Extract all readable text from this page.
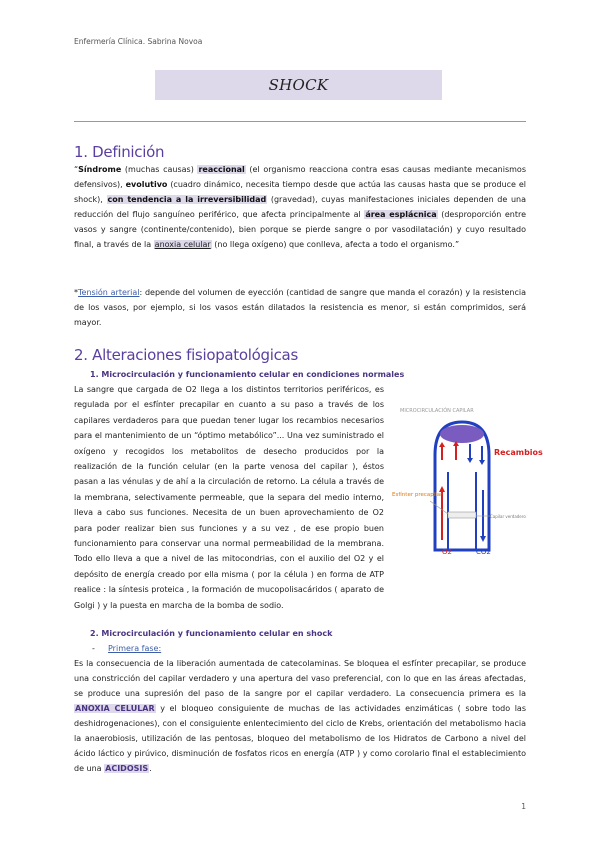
Enfermería Clínica. Sabrina Novoa
SHOCK
1. Definición
“Síndrome (muchas causas) reaccional (el organismo reacciona contra esas causas mediante mecanismos defensivos), evolutivo (cuadro dinámico, necesita tiempo desde que actúa las causas hasta que se produce el shock), con tendencia a la irreversibilidad (gravedad), cuyas manifestaciones iniciales dependen de una reducción del flujo sanguíneo periférico, que afecta principalmente al área esplácnica (desproporción entre vasos y sangre (continente/contenido), bien porque se pierde sangre o por vasodilatación) y cuyo resultado final, a través de la anoxia celular (no llega oxígeno) que conlleva, afecta a todo el organismo.”
*Tensión arterial: depende del volumen de eyección (cantidad de sangre que manda el corazón) y la resistencia de los vasos, por ejemplo, si los vasos están dilatados la resistencia es menor, si están comprimidos, será mayor.
2. Alteraciones fisiopatológicas
1. Microcirculación y funcionamiento celular en condiciones normales
La sangre que cargada de O2 llega a los distintos territorios periféricos, es regulada por el esfínter precapilar en cuanto a su paso a través de los capilares verdaderos para que puedan tener lugar los recambios necesarios para el mantenimiento de un “óptimo metabólico”... Una vez suministrado el oxígeno y recogidos los metabolitos de desecho producidos por la realización de la función celular (en la parte venosa del capilar ), éstos pasan a las vénulas y de ahí a la circulación de retorno. La célula a través de la membrana, selectivamente permeable, que la separa del medio interno, lleva a cabo sus funciones. Necesita de un buen aprovechamiento de O2 para poder realizar bien sus funciones y a su vez , de ese propio buen funcionamiento para conservar una normal permeabilidad de la membrana. Todo ello lleva a que a nivel de las mitocondrias, con el auxilio del O2 y el depósito de energía creado por ella misma ( por la célula ) en forma de ATP realice : la síntesis proteica , la formación de mucopolisacáridos ( aparato de Golgi ) y la puesta en marcha de la bomba de sodio.
MICROCIRCULACIÓN CAPILAR
Recambios
Esfínter precapilar
Capilar verdadero
O2	CO2
2. Microcirculación y funcionamiento celular en shock
- Primera fase:
Es la consecuencia de la liberación aumentada de catecolaminas. Se bloquea el esfínter precapilar, se produce una constricción del capilar verdadero y una apertura del vaso preferencial, con lo que en las áreas afectadas, se produce una supresión del paso de la sangre por el capilar verdadero. La consecuencia primera es la ANOXIA CELULAR y el bloqueo consiguiente de muchas de las actividades enzimáticas ( sobre todo las deshidrogenaciones), con el consiguiente enlentecimiento del ciclo de Krebs, orientación del metabolismo hacia la anaerobiosis, utilización de las pentosas, bloqueo del metabolismo de los Hidratos de Carbono a nivel del ácido láctico y pirúvico, disminución de fosfatos ricos en energía (ATP ) y como corolario final el establecimiento de una ACIDOSIS.
1
